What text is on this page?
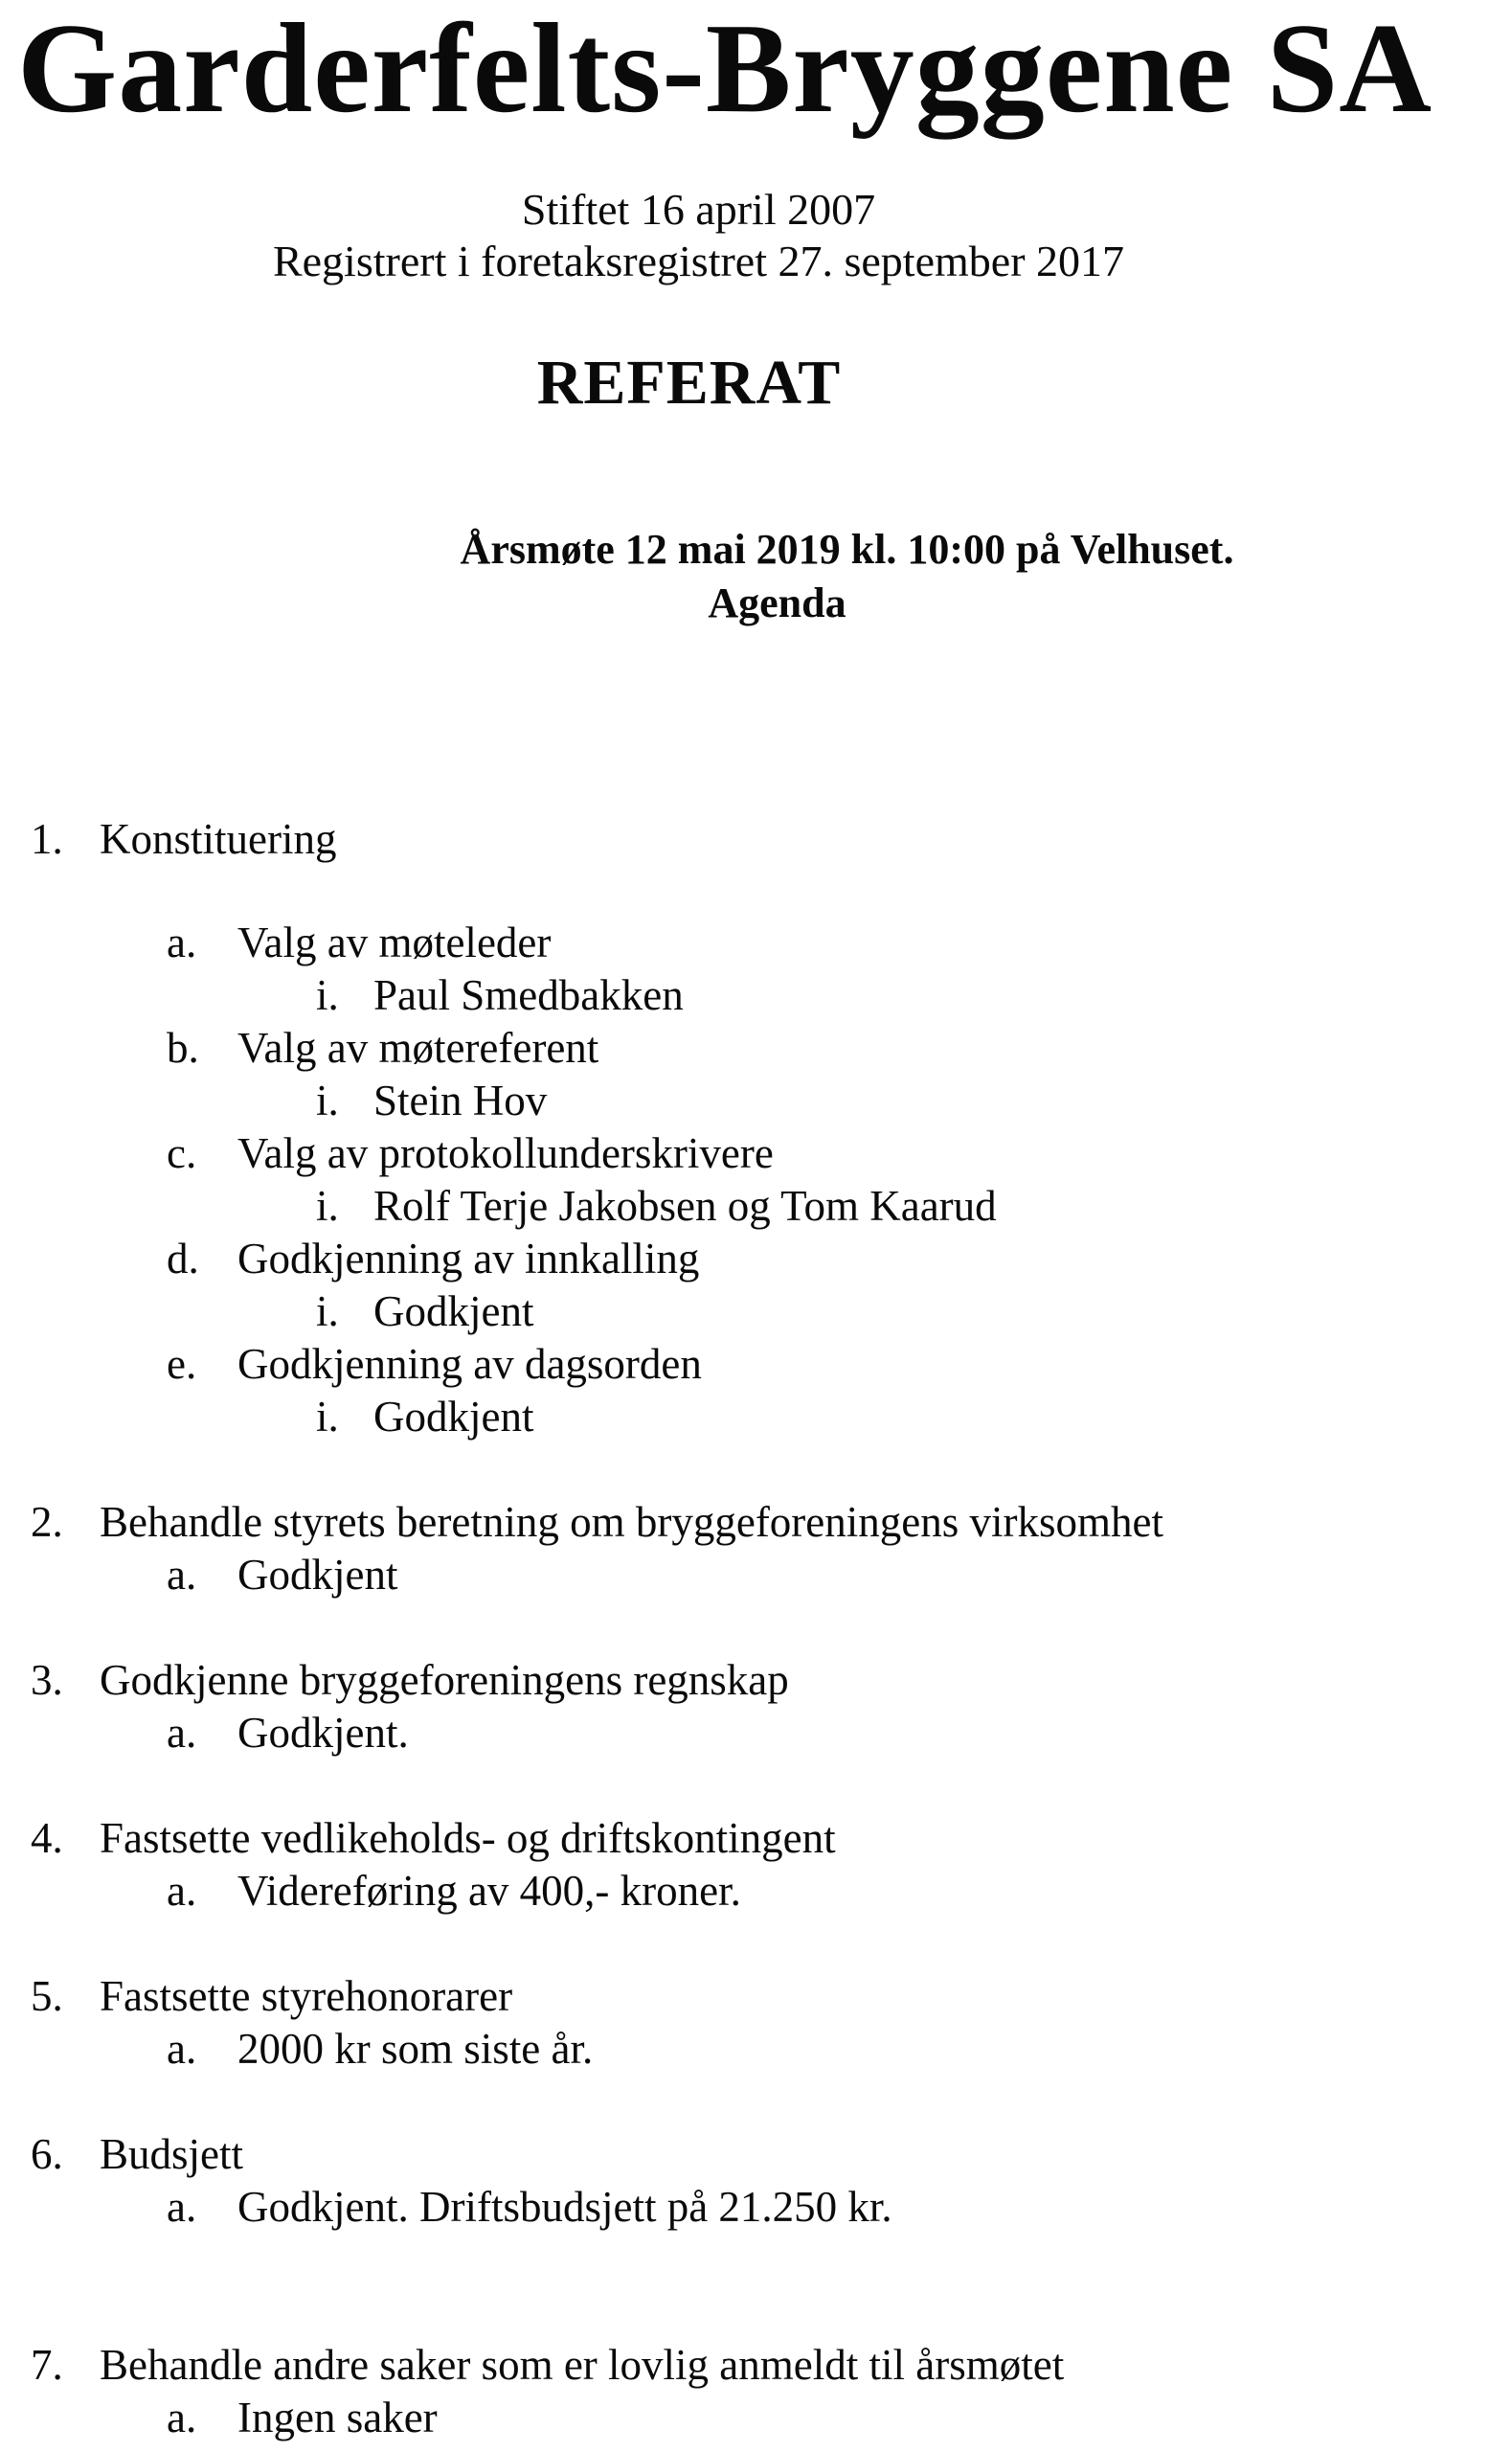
Garderfelts-Bryggene SA
Stiftet 16 april 2007
Registrert i foretaksregistret 27. september 2017
REFERAT
Årsmøte 12 mai 2019 kl. 10:00 på Velhuset.
Agenda
1. Konstituering
a. Valg av møteleder
i. Paul Smedbakken
b. Valg av møtereferent
i. Stein Hov
c. Valg av protokollunderskrivere
i. Rolf Terje Jakobsen og Tom Kaarud
d. Godkjenning av innkalling
i. Godkjent
e. Godkjenning av dagsorden
i. Godkjent
2. Behandle styrets beretning om bryggeforeningens virksomhet
a. Godkjent
3. Godkjenne bryggeforeningens regnskap
a. Godkjent.
4. Fastsette vedlikeholds- og driftskontingent
a. Videreføring av 400,- kroner.
5. Fastsette styrehonorarer
a. 2000 kr som siste år.
6. Budsjett
a. Godkjent. Driftsbudsjett på 21.250 kr.
7. Behandle andre saker som er lovlig anmeldt til årsmøtet
a. Ingen saker
